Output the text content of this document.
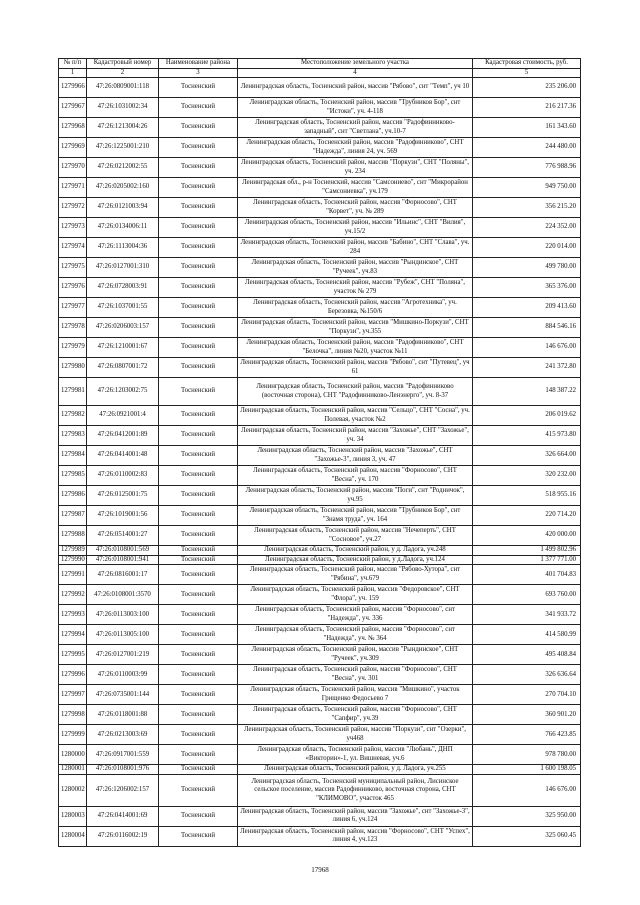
№ п/п	Кадастровый номер	Наименование района	Местоположение земельного участка	Кадастровая стоимость, руб.
1	2	3	4	5
1279966	47:26:0809001:118	Тосненский	Ленинградская область, Тосненский район, массив "Рябово", снт "Темп", уч 10	235 206.00
1279967	47:26:1031002:34	Тосненский	Ленинградская область, Тосненский район, массив "Трубников Бор", снт "Истоки", уч. 4-118	216 217.36
1279968	47:26:1213004:26	Тосненский	Ленинградская область, Тосненский район, массив "Радофинниково-западный", снт "Светлана", уч.10-7	161 343.60
1279969	47:26:1225001:210	Тосненский	Ленинградская область, Тосненский район, массив "Радофинниково", СНТ "Надежда", линия 24, уч. 569	244 480.00
1279970	47:26:0212002:55	Тосненский	Ленинградская область, Тосненский район, массив "Поркузи", СНТ "Поляны", уч. 234	776 988.96
1279971	47:26:0205002:160	Тосненский	Ленинградская обл., р-н Тосненский, массив "Самсониево", снт "Микрорайон "Самсониевка", уч.179	949 750.00
1279972	47:26:0121003:94	Тосненский	Ленинградская область, Тосненский район, массив "Форносово", СНТ "Корвет", уч. № 289	356 215.20
1279973	47:26:0134006:11	Тосненский	Ленинградская область, Тосненский район, массив "Ильинс", СНТ "Вилия", уч.15/2	224 352.00
1279974	47:26:1113004:36	Тосненский	Ленинградская область, Тосненский район, массив "Бабино", СНТ "Слава", уч. 284	220 014.00
1279975	47:26:0127001:310	Тосненский	Ленинградская область, Тосненский район, массив "Рындинское", СНТ "Ручеек", уч.83	499 780.00
1279976	47:26:0728003:91	Тосненский	Ленинградская область, Тосненский район, массив "Рубеж", СНТ "Поляна", участок № 279	365 376.00
1279977	47:26:1037001:55	Тосненский	Ленинградская область, Тосненский район, массив "Агротехника", уч. Березовка, №150/6	209 413.60
1279978	47:26:0206003:157	Тосненский	Ленинградская область, Тосненский район, массив "Мишкино-Поркузи", СНТ "Поркузи", уч.355	884 546.16
1279979	47:26:1210001:67	Тосненский	Ленинградская область, Тосненский район, массив "Радофинниково", СНТ "Белочка", линия №20, участок №11	146 676.00
1279980	47:26:0807001:72	Тосненский	Ленинградская область, Тосненский район, массив "Рябово", снт "Путевец", уч 61	241 372.80
1279981	47:26:1203002:75	Тосненский	Ленинградская область, Тосненский район, массив "Радофинниково (восточная сторона), СНТ "Радофинниково-Ленэнерго", уч. 8-37	148 387.22
1279982	47:26:0921001:4	Тосненский	Ленинградская область, Тосненский район, массив "Сельцо", СНТ "Сосна", уч. Полевая, участок №2	206 019.62
1279983	47:26:0412001:89	Тосненский	Ленинградская область, Тосненский район, массив "Захожье", СНТ "Захожье", уч. 34	415 973.80
1279984	47:26:0414001:48	Тосненский	Ленинградская область, Тосненский район, массив "Захожье", СНТ "Захожье-3", линия 3, уч. 47	326 664.00
1279985	47:26:0110002:83	Тосненский	Ленинградская область, Тосненский район, массив "Форносово", СНТ "Весна", уч. 170	320 232.00
1279986	47:26:0125001:75	Тосненский	Ленинградская область, Тосненский район, массив "Поги", снт "Родничок", уч.95	518 955.16
1279987	47:26:1019001:56	Тосненский	Ленинградская область, Тосненский район, массив "Трубников Бор", снт "Знамя труда", уч. 164	220 714.20
1279988	47:26:0514001:27	Тосненский	Ленинградская область, Тосненский район, массив "Нечеперть", СНТ "Сосновое", уч.27	420 000.00
1279989	47:26:0108001:569	Тосненский	Ленинградская область, Тосненский район, у д. Ладога, уч.248	1 499 802.96
1279990	47:26:0108001:941	Тосненский	Ленинградская область, Тосненский район, у д.Ладога, уч.124	1 377 771.00
1279991	47:26:0816001:17	Тосненский	Ленинградская область, Тосненский район, массив "Рябово-Хутора", снт "Рябина", уч.679	401 704.83
1279992	47:26:0108001:3570	Тосненский	Ленинградская область, Тосненский район, массив "Федоровское", СНТ "Флора", уч. 159	693 760.00
1279993	47:26:0113003:100	Тосненский	Ленинградская область, Тосненский район, массив "Форносово", снт "Надежда", уч. 336	341 933.72
1279994	47:26:0113005:100	Тосненский	Ленинградская область, Тосненский район, массив "Форносово", снт "Надежда", уч. № 364	414 580.99
1279995	47:26:0127001:219	Тосненский	Ленинградская область, Тосненский район, массив "Рындинское", СНТ "Ручеек", уч.309	495 408.84
1279996	47:26:0110003:99	Тосненский	Ленинградская область, Тосненский район, массив "Форносово", СНТ "Весна", уч. 301	326 636.64
1279997	47:26:0735001:144	Тосненский	Ленинградская область, Тосненский район, массив "Мишкино", участок Грищенко Федосьево 7	270 704.10
1279998	47:26:0118001:88	Тосненский	Ленинградская область, Тосненский район, массив "Форносово", СНТ "Сапфир", уч.39	360 901.20
1279999	47:26:0213003:69	Тосненский	Ленинградская область, Тосненский район, массив "Поркузи", снт "Озерки", уч468	766 423.85
1280000	47:26:0917001:559	Тосненский	Ленинградская область, Тосненский район, массив "Любань", ДНП «Викторин»-1, ул. Вишневая, уч.6	978 780.00
1280001	47:26:0108001:976	Тосненский	Ленинградская область, Тосненский район, у д. Ладога, уч.255	1 600 198.05
1280002	47:26:1206002:157	Тосненский	Ленинградская область, Тосненский муниципальный район, Лисинское сельское поселение, массив Радофинниково, восточная сторона, СНТ "КЛИМОВО", участок 465	146 676.00
1280003	47:26:0414001:69	Тосненский	Ленинградская область, Тосненский район, массив "Захожье", снт "Захожье-3", линия 6, уч.124	325 950.00
1280004	47:26:0116002:19	Тосненский	Ленинградская область, Тосненский район, массив "Форносово", СНТ "Успех", линия 4, уч.123	325 060.45
17968
